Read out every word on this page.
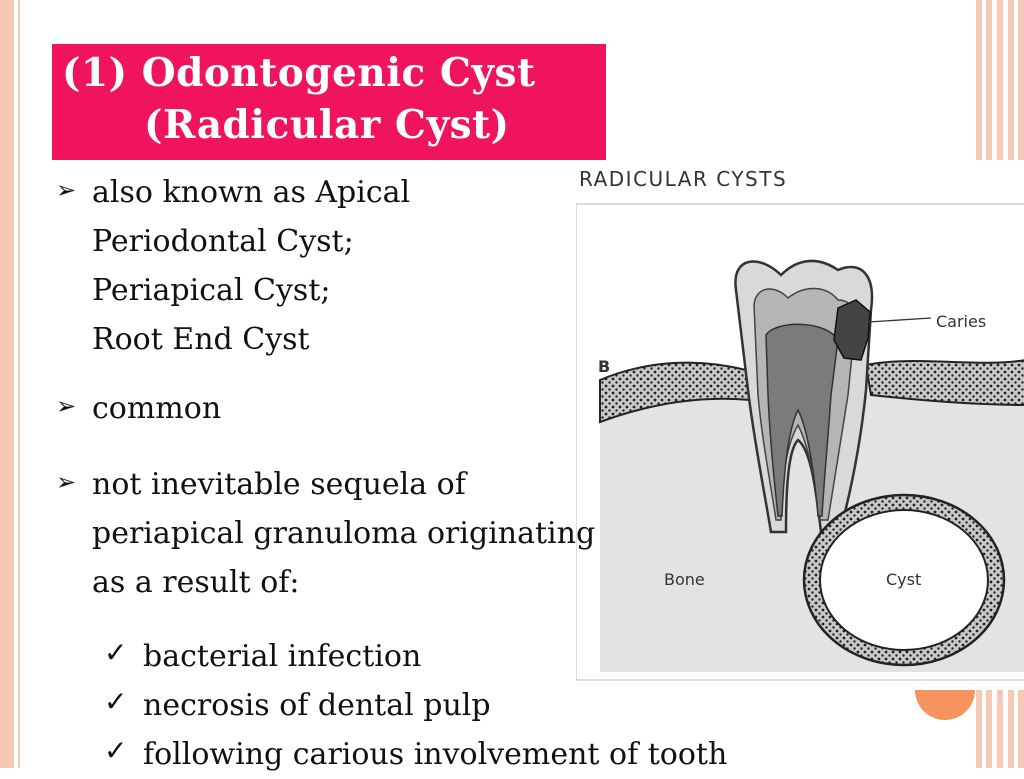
RADICULAR CYSTS
Caries
Cyst
Bone
B
(1) Odontogenic Cyst
(Radicular Cyst)
➢ also known as Apical
Periodontal Cyst;
Periapical Cyst;
Root End Cyst
➢ common
➢ not inevitable sequela of
periapical granuloma originating
as a result of:
✓ bacterial infection
✓ necrosis of dental pulp
✓ following carious involvement of tooth
